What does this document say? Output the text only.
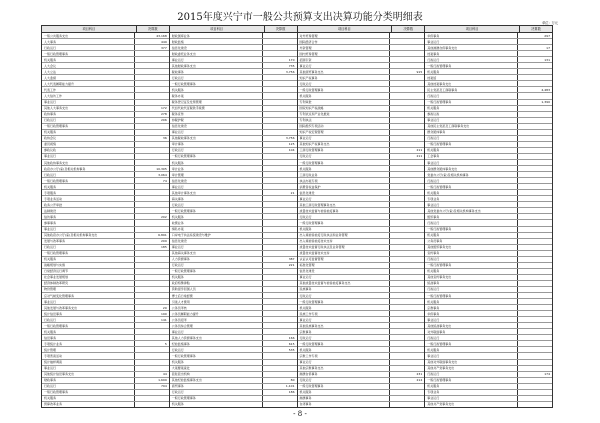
2015年度兴宁市一般公共预算支出决算功能分类明细表	单位：万元
项目科目	决算数
一般公共服务支出	43,168
人大事务	449
行政运行	377
一般行政管理事务
机关服务
人大会议
人大立法
人大监督
人大代表履职能力提升
代表工作
人大信访工作
事业运行
其他人大事务支出	172
政协事务	278
行政运行	206
一般行政管理事务
机关服务
政协会议	36
委员视察
参政议政
事业运行
其他政协事务支出
政府办公厅(室)及相关机构事务	10,305
行政运行	3,064
一般行政管理事务	74
机关服务
专项服务
专项业务活动
政务公开审批
法制建设
信访事务	202
参事事务
事业运行
其他政府办公厅(室)及相关机构事务支出	6,891
发展与改革事务	209
行政运行	185
一般行政管理事务
机关服务
战略规划与实施
日常经济运行调节
社会事业发展规划
经济体制改革研究
物价管理
应对气候变化管理事务
事业运行
其他发展与改革事务支出	20
统计信息事务	190
行政运行	141
一般行政管理事务
机关服务
信息事务
专项统计业务	5
统计管理
专项普查活动
统计抽样调查
事业运行
其他统计信息事务支出	44
财政事务	1,699
行政运行	794
一般行政管理事务
机关服务
预算改革业务
项目科目	决算数
财政国库业务
财政监察
信息化建设
财政委托业务支出
事业运行	170
其他财政事务支出	735
税收事务	3,756
行政运行
一般行政管理事务
机关服务
税务办案
税务登记证及发票管理
代扣代收代征税款手续费
税务宣传
协税护税
信息化建设
事业运行
其他税收事务支出	3,756
审计事务	125
行政运行	104
一般行政管理事务
机关服务
审计业务
审计管理
信息化建设
事业运行
其他审计事务支出	21
海关事务
行政运行
一般行政管理事务
机关服务
收费业务
缉私办案
口岸电子执法系统建设与维护
信息化建设
事业运行
其他海关事务支出
人力资源事务	387
行政运行	221
一般行政管理事务
机关服务
政府特殊津贴
资助留学回国人员
博士后日常经费
引进人才费用
公务员考核
公务员履职能力提升
公务员招考
公务员综合管理
事业运行
其他人力资源事务支出	166
纪检监察事务	615
行政运行	535
一般行政管理事务
机关服务
大案要案查处
派驻派出机构
其他纪检监察事务支出	80
商贸事务	1,101
行政运行	186
一般行政管理事务
机关服务
项目科目	决算数
对外贸易管理
国际经济合作
外资管理
国内贸易管理
招商引资
事业运行
其他商贸事务支出	915
知识产权事务
行政运行
一般行政管理事务
机关服务
专利审批
国家知识产权战略
专利试点和产业化推进
专利执法
国际组织专项活动
知识产权宏观管理
事业运行
其他知识产权事务支出
工商行政管理事务	211
行政运行	211
一般行政管理事务
机关服务
工商行政业务
执法办案专项
消费者权益保护
信息化建设
事业运行
其他工商行政管理事务支出
质量技术监督与检验检疫事务
行政运行
一般行政管理事务
机关服务
出入境检验检疫行政执法和业务管理
出入境检验检疫技术支持
质量技术监督行政执法及业务管理
质量技术监督技术支持
认证认可监督管理
标准化管理
信息化建设
事业运行
其他质量技术监督与检验检疫事务支出
民族事务
行政运行
一般行政管理事务
机关服务
民族工作专项
事业运行
其他民族事务支出
宗教事务
行政运行
一般行政管理事务
机关服务
宗教工作专项
事业运行
其他宗教事务支出
港澳台侨事务	231
行政运行	214
一般行政管理事务
机关服务
港澳事务
台湾事务
项目科目	决算数
华侨事务	297
事业运行
其他港澳台侨事务支出	17
档案事务
行政运行	131
一般行政管理事务
机关服务
档案馆
其他档案事务支出
民主党派及工商联事务	4,483
行政运行
一般行政管理事务	1,390
机关服务
参政议政
事业运行
其他民主党派及工商联事务支出
群众团体事务
行政运行
一般行政管理事务
机关服务
工会事务
事业运行
其他群众团体事务支出
党委办公厅(室)及相关机构事务
行政运行
一般行政管理事务
机关服务
专项业务
事业运行
其他党委办公厅(室)及相关机构事务支出
组织事务
行政运行
一般行政管理事务
机关服务
公务员事务
其他组织事务支出
宣传事务
行政运行
一般行政管理事务
机关服务
其他宣传事务支出
统战事务
行政运行
一般行政管理事务
机关服务
宗教事务
华侨事务
事业运行
其他统战事务支出
对外联络事务
行政运行
一般行政管理事务
机关服务
事业运行
其他对外联络事务支出
其他共产党事务支出
行政运行	174
一般行政管理事务
机关服务
专项业务
事业运行
其他共产党事务支出
- 8 -
